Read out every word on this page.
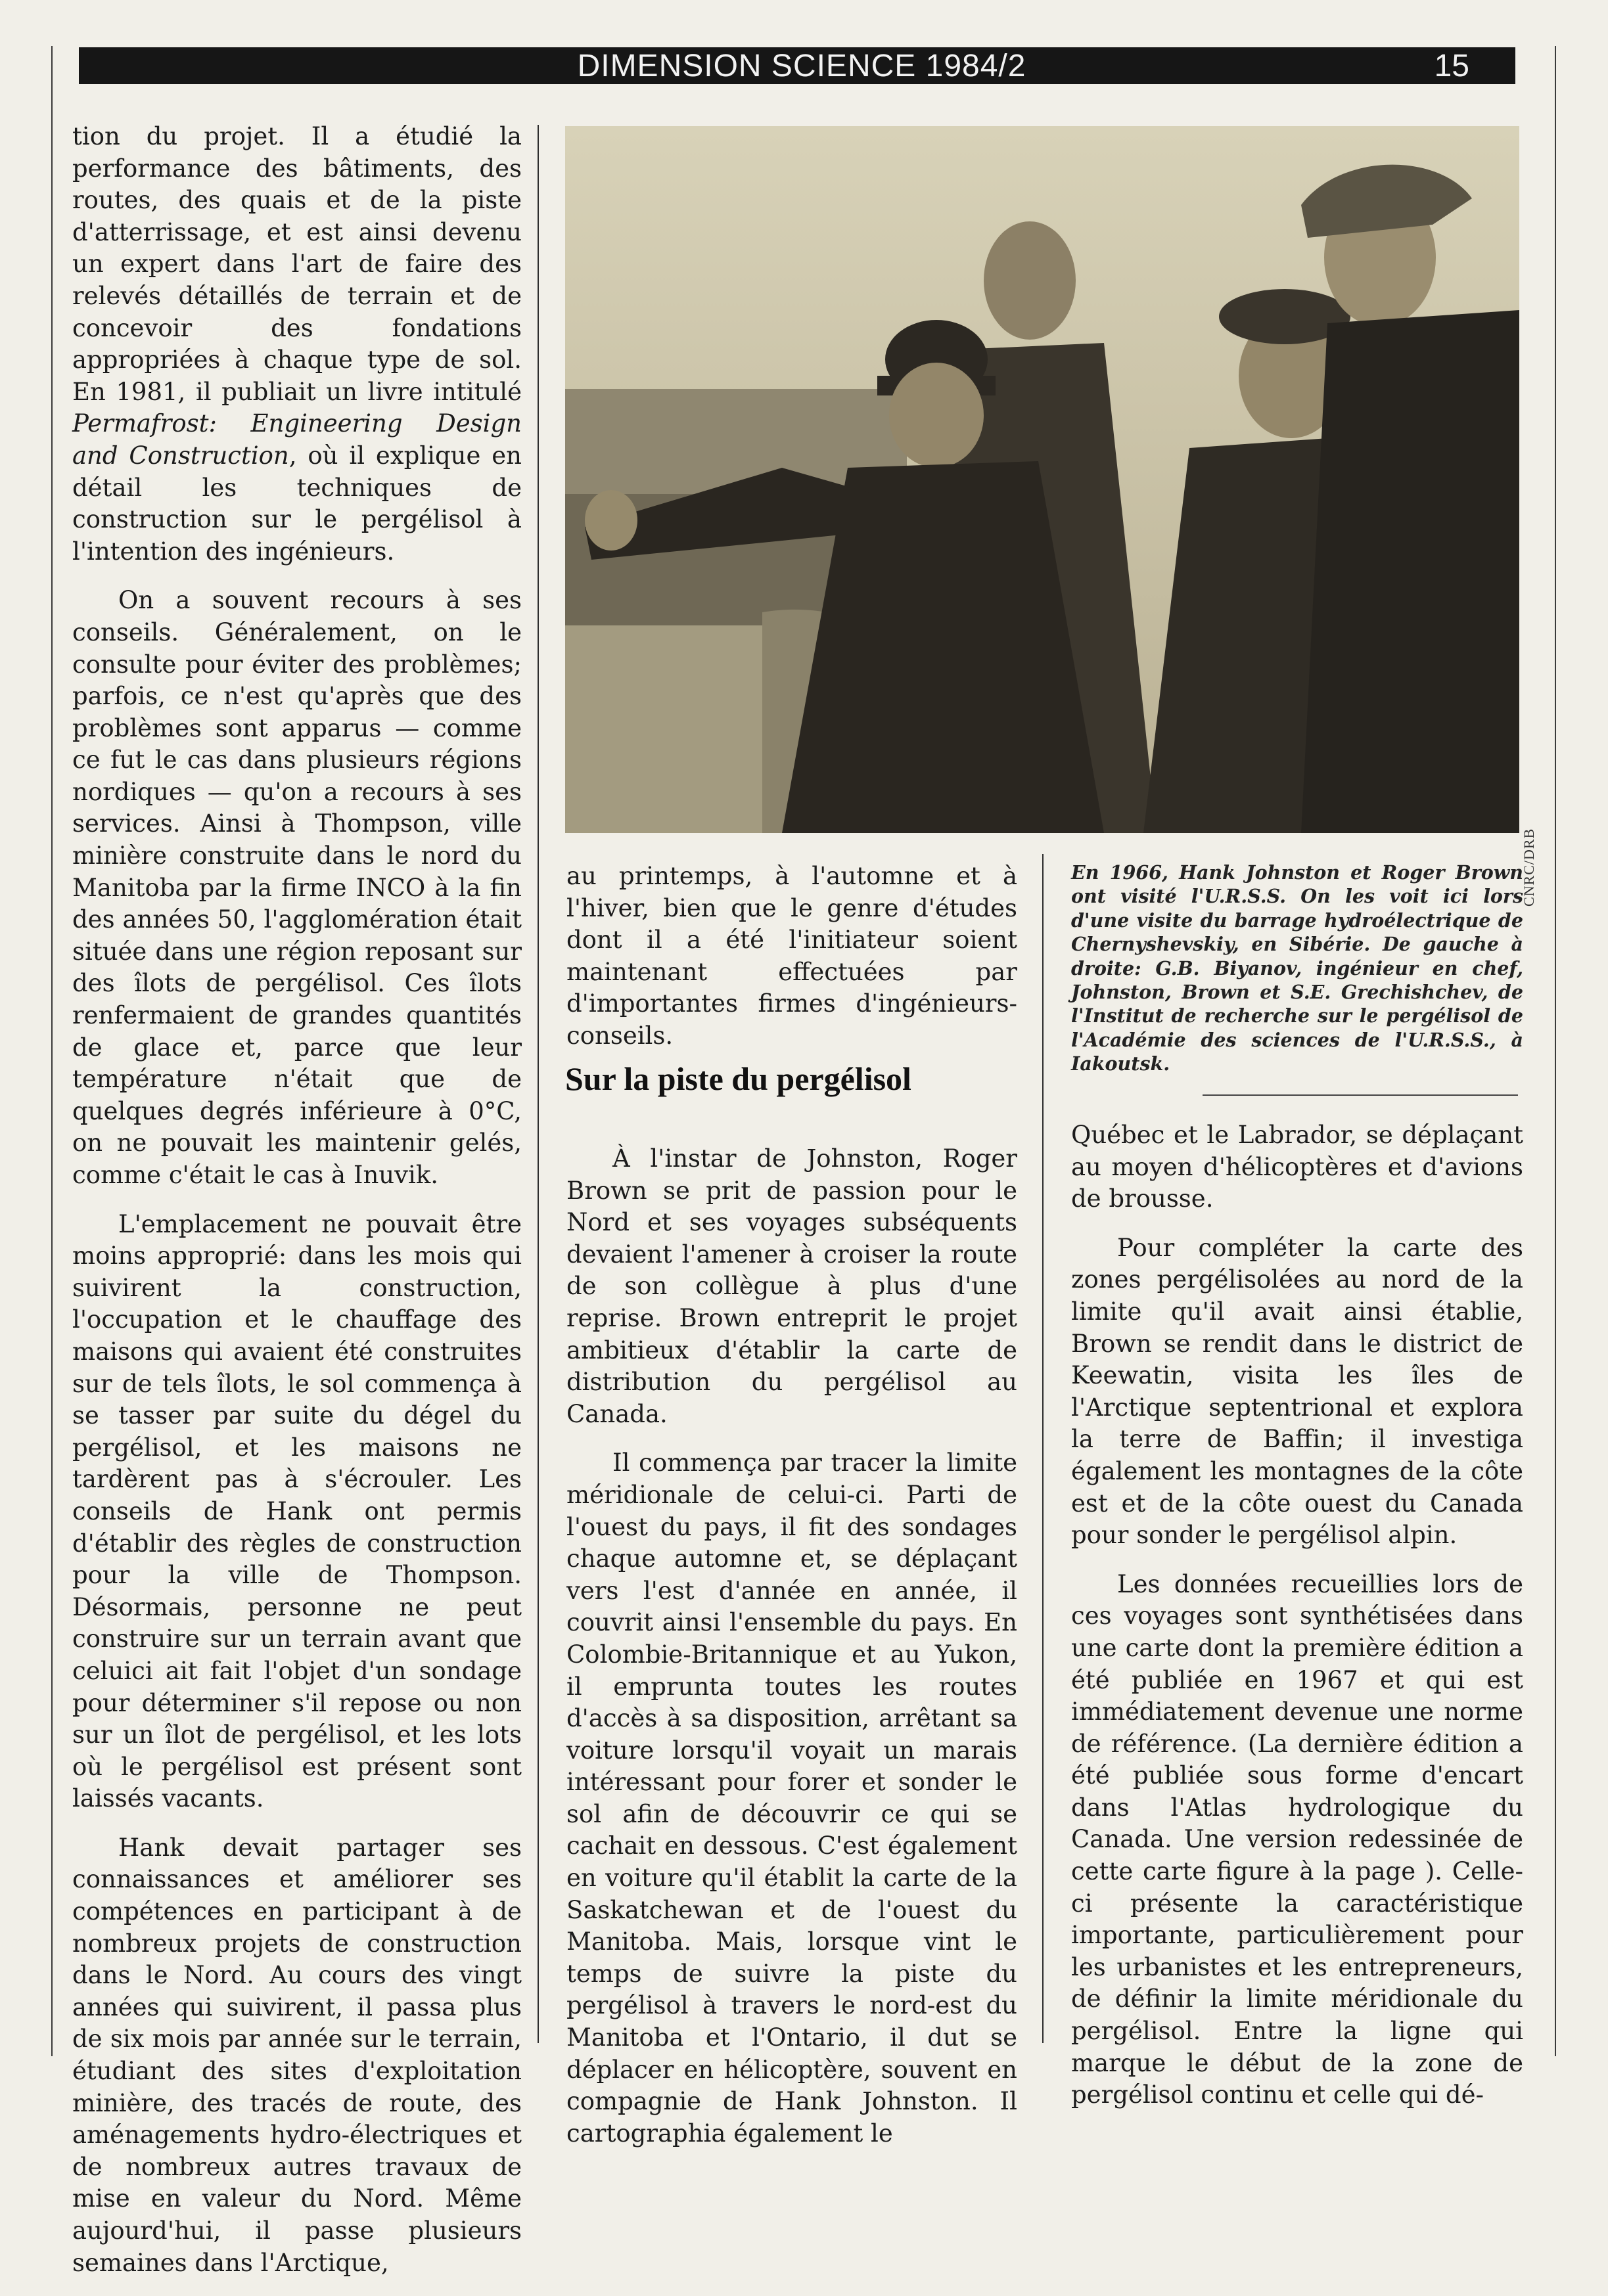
DIMENSION SCIENCE 1984/2	15

tion du projet. Il a étudié la performance des bâtiments, des routes, des quais et de la piste d'atterrissage, et est ainsi devenu un expert dans l'art de faire des relevés détaillés de terrain et de concevoir des fondations appropriées à chaque type de sol. En 1981, il publiait un livre intitulé Permafrost: Engineering Design and Construction, où il explique en détail les techniques de construction sur le pergélisol à l'intention des ingénieurs.

On a souvent recours à ses conseils. Généralement, on le consulte pour éviter des problèmes; parfois, ce n'est qu'après que des problèmes sont apparus — comme ce fut le cas dans plusieurs régions nordiques — qu'on a recours à ses services. Ainsi à Thompson, ville minière construite dans le nord du Manitoba par la firme INCO à la fin des années 50, l'agglomération était située dans une région reposant sur des îlots de pergélisol. Ces îlots renfermaient de grandes quantités de glace et, parce que leur température n'était que de quelques degrés inférieure à 0°C, on ne pouvait les maintenir gelés, comme c'était le cas à Inuvik.

L'emplacement ne pouvait être moins approprié: dans les mois qui suivirent la construction, l'occupation et le chauffage des maisons qui avaient été construites sur de tels îlots, le sol commença à se tasser par suite du dégel du pergélisol, et les maisons ne tardèrent pas à s'écrouler. Les conseils de Hank ont permis d'établir des règles de construction pour la ville de Thompson. Désormais, personne ne peut construire sur un terrain avant que celuici ait fait l'objet d'un sondage pour déterminer s'il repose ou non sur un îlot de pergélisol, et les lots où le pergélisol est présent sont laissés vacants.

Hank devait partager ses connaissances et améliorer ses compétences en participant à de nombreux projets de construction dans le Nord. Au cours des vingt années qui suivirent, il passa plus de six mois par année sur le terrain, étudiant des sites d'exploitation minière, des tracés de route, des aménagements hydro-électriques et de nombreux autres travaux de mise en valeur du Nord. Même aujourd'hui, il passe plusieurs semaines dans l'Arctique,

CNRC/DRB
En 1966, Hank Johnston et Roger Brown ont visité l'U.R.S.S. On les voit ici lors d'une visite du barrage hydroélectrique de Chernyshevskiy, en Sibérie. De gauche à droite: G.B. Biyanov, ingénieur en chef, Johnston, Brown et S.E. Grechishchev, de l'Institut de recherche sur le pergélisol de l'Académie des sciences de l'U.R.S.S., à Iakoutsk.

au printemps, à l'automne et à l'hiver, bien que le genre d'études dont il a été l'initiateur soient maintenant effectuées par d'importantes firmes d'ingénieurs-conseils.

Sur la piste du pergélisol

À l'instar de Johnston, Roger Brown se prit de passion pour le Nord et ses voyages subséquents devaient l'amener à croiser la route de son collègue à plus d'une reprise. Brown entreprit le projet ambitieux d'établir la carte de distribution du pergélisol au Canada.

Il commença par tracer la limite méridionale de celui-ci. Parti de l'ouest du pays, il fit des sondages chaque automne et, se déplaçant vers l'est d'année en année, il couvrit ainsi l'ensemble du pays. En Colombie-Britannique et au Yukon, il emprunta toutes les routes d'accès à sa disposition, arrêtant sa voiture lorsqu'il voyait un marais intéressant pour forer et sonder le sol afin de découvrir ce qui se cachait en dessous. C'est également en voiture qu'il établit la carte de la Saskatchewan et de l'ouest du Manitoba. Mais, lorsque vint le temps de suivre la piste du pergélisol à travers le nord-est du Manitoba et l'Ontario, il dut se déplacer en hélicoptère, souvent en compagnie de Hank Johnston. Il cartographia également le

Québec et le Labrador, se déplaçant au moyen d'hélicoptères et d'avions de brousse.

Pour compléter la carte des zones pergélisolées au nord de la limite qu'il avait ainsi établie, Brown se rendit dans le district de Keewatin, visita les îles de l'Arctique septentrional et explora la terre de Baffin; il investiga également les montagnes de la côte est et de la côte ouest du Canada pour sonder le pergélisol alpin.

Les données recueillies lors de ces voyages sont synthétisées dans une carte dont la première édition a été publiée en 1967 et qui est immédiatement devenue une norme de référence. (La dernière édition a été publiée sous forme d'encart dans l'Atlas hydrologique du Canada. Une version redessinée de cette carte figure à la page ). Celle-ci présente la caractéristique importante, particulièrement pour les urbanistes et les entrepreneurs, de définir la limite méridionale du pergélisol. Entre la ligne qui marque le début de la zone de pergélisol continu et celle qui dé-
